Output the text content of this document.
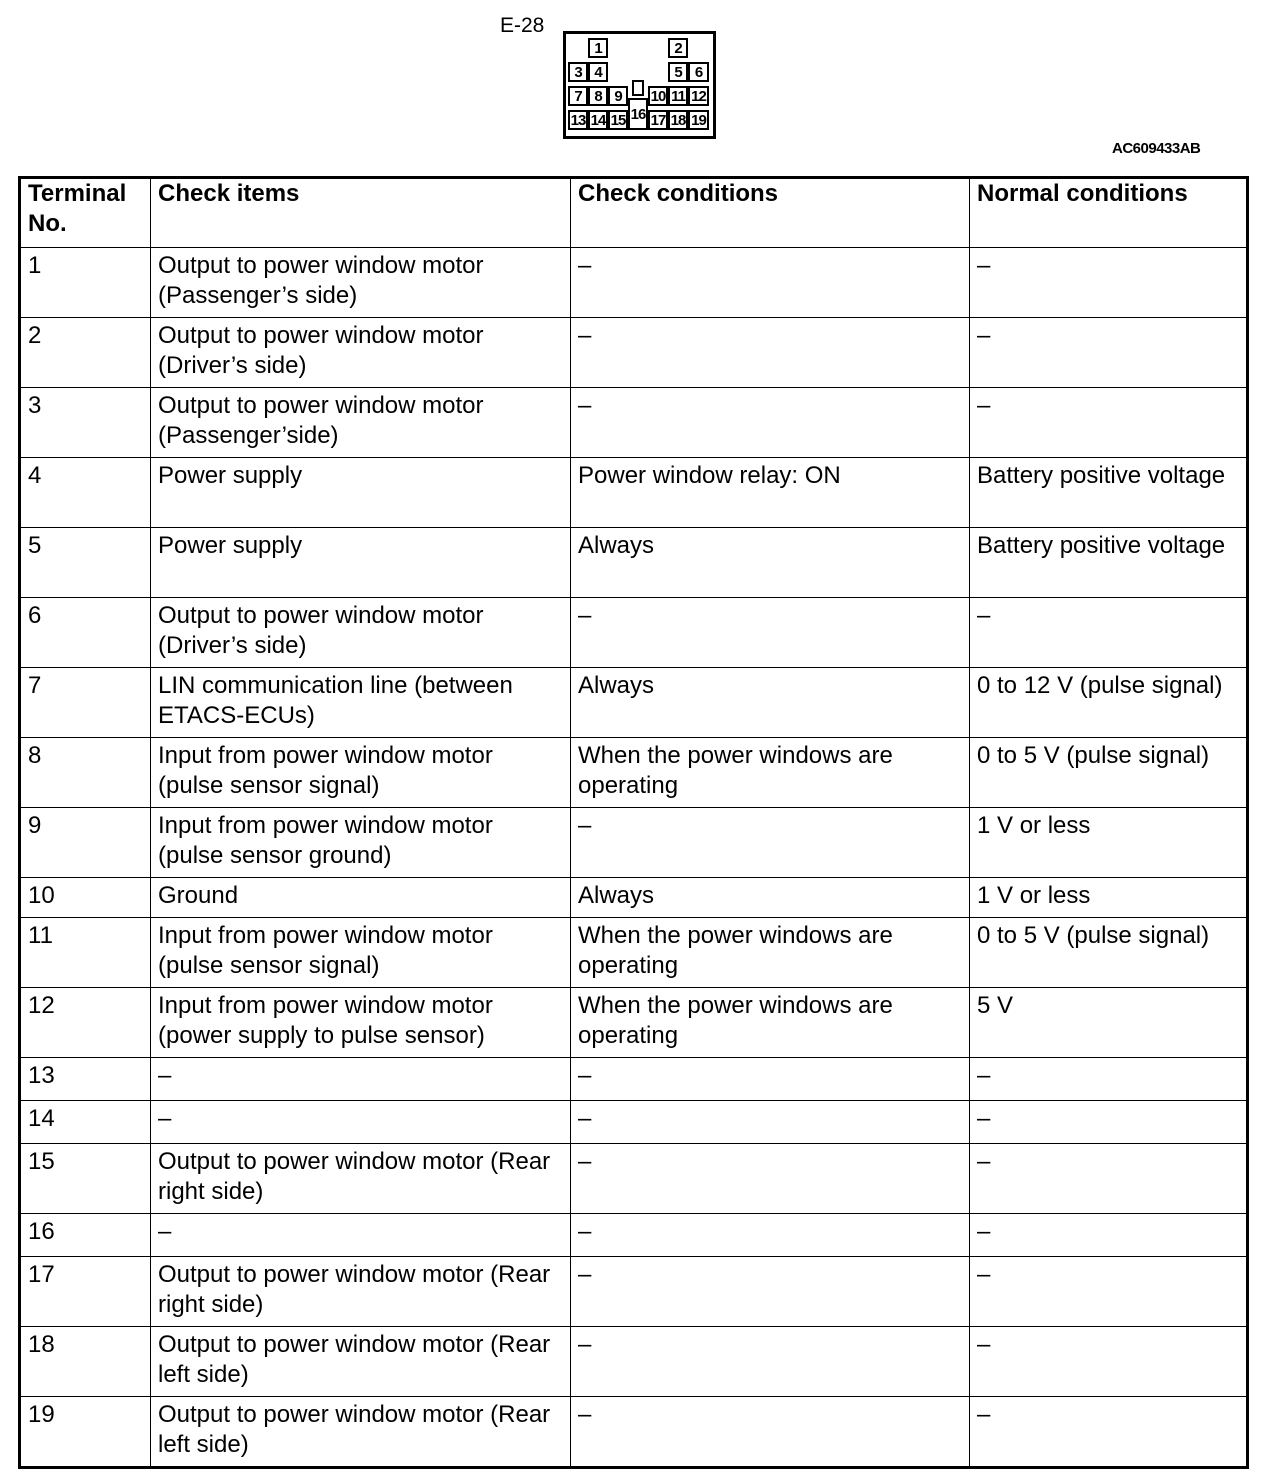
E-28
1	2
3 4	5 6
7 8 9	10 11 12
13 14 15 16 17 18 19
AC609433AB
Terminal No.	Check items	Check conditions	Normal conditions
1	Output to power window motor (Passenger’s side)	–	–
2	Output to power window motor (Driver’s side)	–	–
3	Output to power window motor (Passenger’side)	–	–
4	Power supply	Power window relay: ON	Battery positive voltage
5	Power supply	Always	Battery positive voltage
6	Output to power window motor (Driver’s side)	–	–
7	LIN communication line (between ETACS-ECUs)	Always	0 to 12 V (pulse signal)
8	Input from power window motor (pulse sensor signal)	When the power windows are operating	0 to 5 V (pulse signal)
9	Input from power window motor (pulse sensor ground)	–	1 V or less
10	Ground	Always	1 V or less
11	Input from power window motor (pulse sensor signal)	When the power windows are operating	0 to 5 V (pulse signal)
12	Input from power window motor (power supply to pulse sensor)	When the power windows are operating	5 V
13	–	–	–
14	–	–	–
15	Output to power window motor (Rear right side)	–	–
16	–	–	–
17	Output to power window motor (Rear right side)	–	–
18	Output to power window motor (Rear left side)	–	–
19	Output to power window motor (Rear left side)	–	–
